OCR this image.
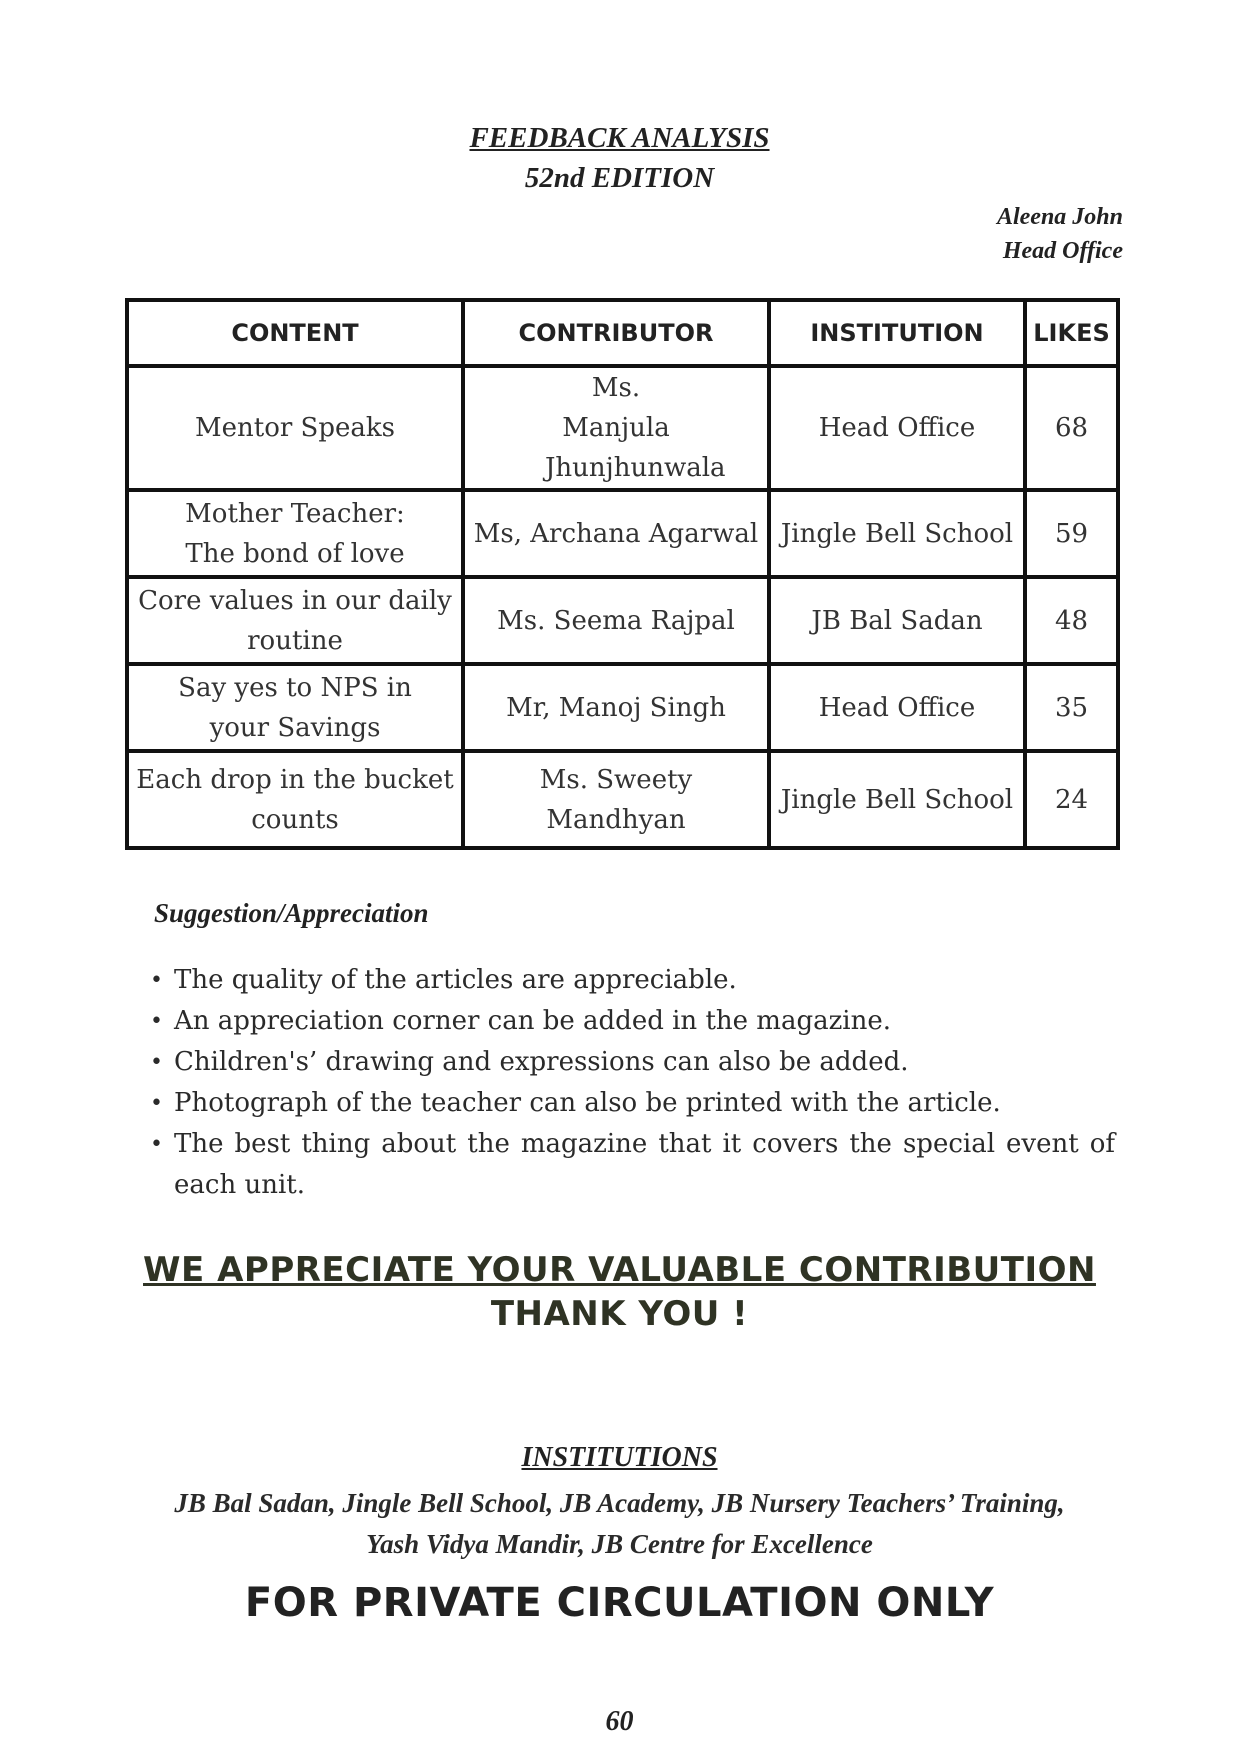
FEEDBACK ANALYSIS
52nd EDITION
Aleena John
Head Office
CONTENT	CONTRIBUTOR	INSTITUTION	LIKES
Mentor Speaks	Ms. Manjula Jhunjhunwala	Head Office	68
Mother Teacher: The bond of love	Ms, Archana Agarwal	Jingle Bell School	59
Core values in our daily routine	Ms. Seema Rajpal	JB Bal Sadan	48
Say yes to NPS in your Savings	Mr, Manoj Singh	Head Office	35
Each drop in the bucket counts	Ms. Sweety Mandhyan	Jingle Bell School	24
Suggestion/Appreciation
• The quality of the articles are appreciable.
• An appreciation corner can be added in the magazine.
• Children's’ drawing and expressions can also be added.
• Photograph of the teacher can also be printed with the article.
• The best thing about the magazine that it covers the special event of each unit.
WE APPRECIATE YOUR VALUABLE CONTRIBUTION
THANK YOU !
INSTITUTIONS
JB Bal Sadan, Jingle Bell School, JB Academy, JB Nursery Teachers’ Training,
Yash Vidya Mandir, JB Centre for Excellence
FOR PRIVATE CIRCULATION ONLY
60
